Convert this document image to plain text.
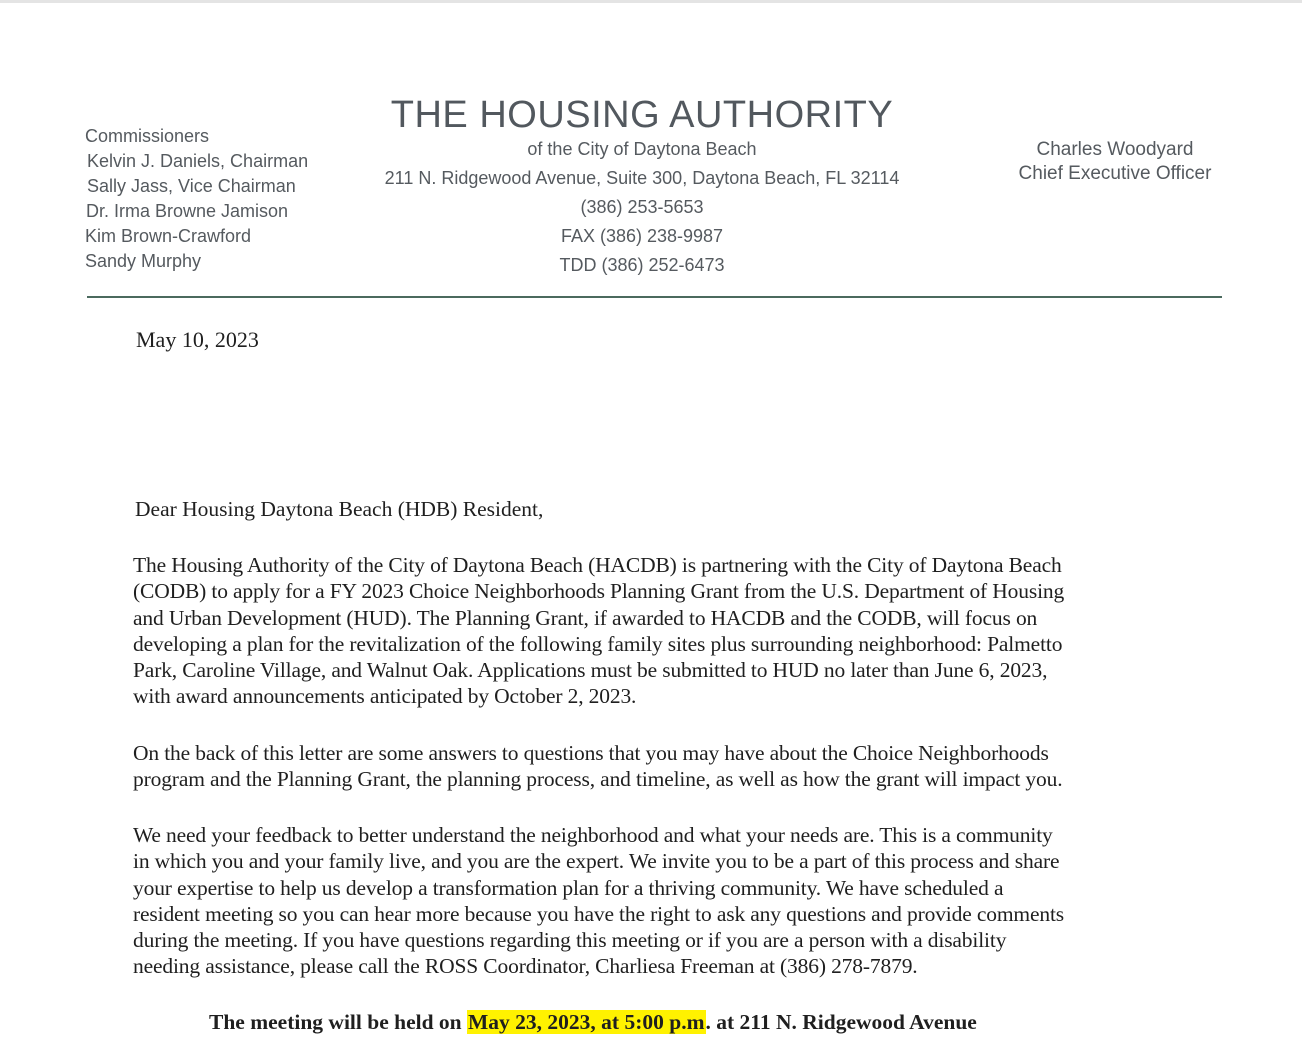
Commissioners
Kelvin J. Daniels, Chairman
Sally Jass, Vice Chairman
Dr. Irma Browne Jamison
Kim Brown-Crawford
Sandy Murphy
THE HOUSING AUTHORITY
of the City of Daytona Beach
211 N. Ridgewood Avenue, Suite 300, Daytona Beach, FL 32114
(386) 253-5653
FAX (386) 238-9987
TDD (386) 252-6473
Charles Woodyard
Chief Executive Officer
May 10, 2023
Dear Housing Daytona Beach (HDB) Resident,
The Housing Authority of the City of Daytona Beach (HACDB) is partnering with the City of Daytona Beach
(CODB) to apply for a FY 2023 Choice Neighborhoods Planning Grant from the U.S. Department of Housing
and Urban Development (HUD). The Planning Grant, if awarded to HACDB and the CODB, will focus on
developing a plan for the revitalization of the following family sites plus surrounding neighborhood: Palmetto
Park, Caroline Village, and Walnut Oak. Applications must be submitted to HUD no later than June 6, 2023,
with award announcements anticipated by October 2, 2023.
On the back of this letter are some answers to questions that you may have about the Choice Neighborhoods
program and the Planning Grant, the planning process, and timeline, as well as how the grant will impact you.
We need your feedback to better understand the neighborhood and what your needs are. This is a community
in which you and your family live, and you are the expert. We invite you to be a part of this process and share
your expertise to help us develop a transformation plan for a thriving community. We have scheduled a
resident meeting so you can hear more because you have the right to ask any questions and provide comments
during the meeting. If you have questions regarding this meeting or if you are a person with a disability
needing assistance, please call the ROSS Coordinator, Charliesa Freeman at (386) 278-7879.
The meeting will be held on May 23, 2023, at 5:00 p.m. at 211 N. Ridgewood Avenue
